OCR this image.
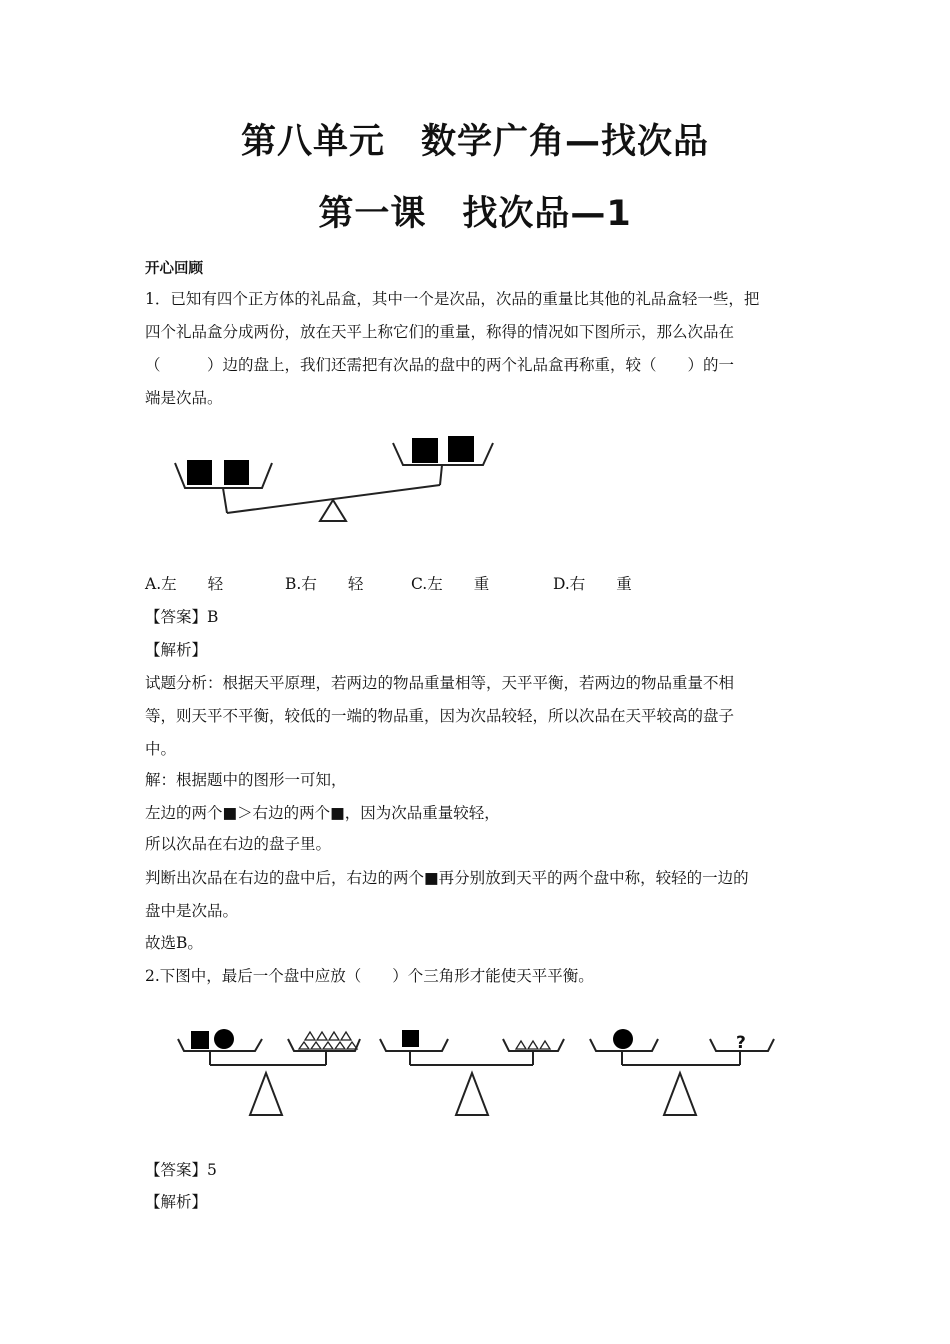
第八单元　数学广角—找次品
第一课　找次品—1
开心回顾
1．已知有四个正方体的礼品盒，其中一个是次品，次品的重量比其他的礼品盒轻一些，把
四个礼品盒分成两份，放在天平上称它们的重量，称得的情况如下图所示，那么次品在
（　　　）边的盘上，我们还需把有次品的盘中的两个礼品盒再称重，较（　　）的一
端是次品。
A.左　　轻	B.右　　轻	C.左　　重	D.右　　重
【答案】B
【解析】
试题分析：根据天平原理，若两边的物品重量相等，天平平衡，若两边的物品重量不相
等，则天平不平衡，较低的一端的物品重，因为次品较轻，所以次品在天平较高的盘子
中。
解：根据题中的图形一可知，
左边的两个■＞右边的两个■，因为次品重量较轻，
所以次品在右边的盘子里。
判断出次品在右边的盘中后，右边的两个■再分别放到天平的两个盘中称，较轻的一边的
盘中是次品。
故选B。
2.下图中，最后一个盘中应放（　　）个三角形才能使天平平衡。
?
【答案】5
【解析】
